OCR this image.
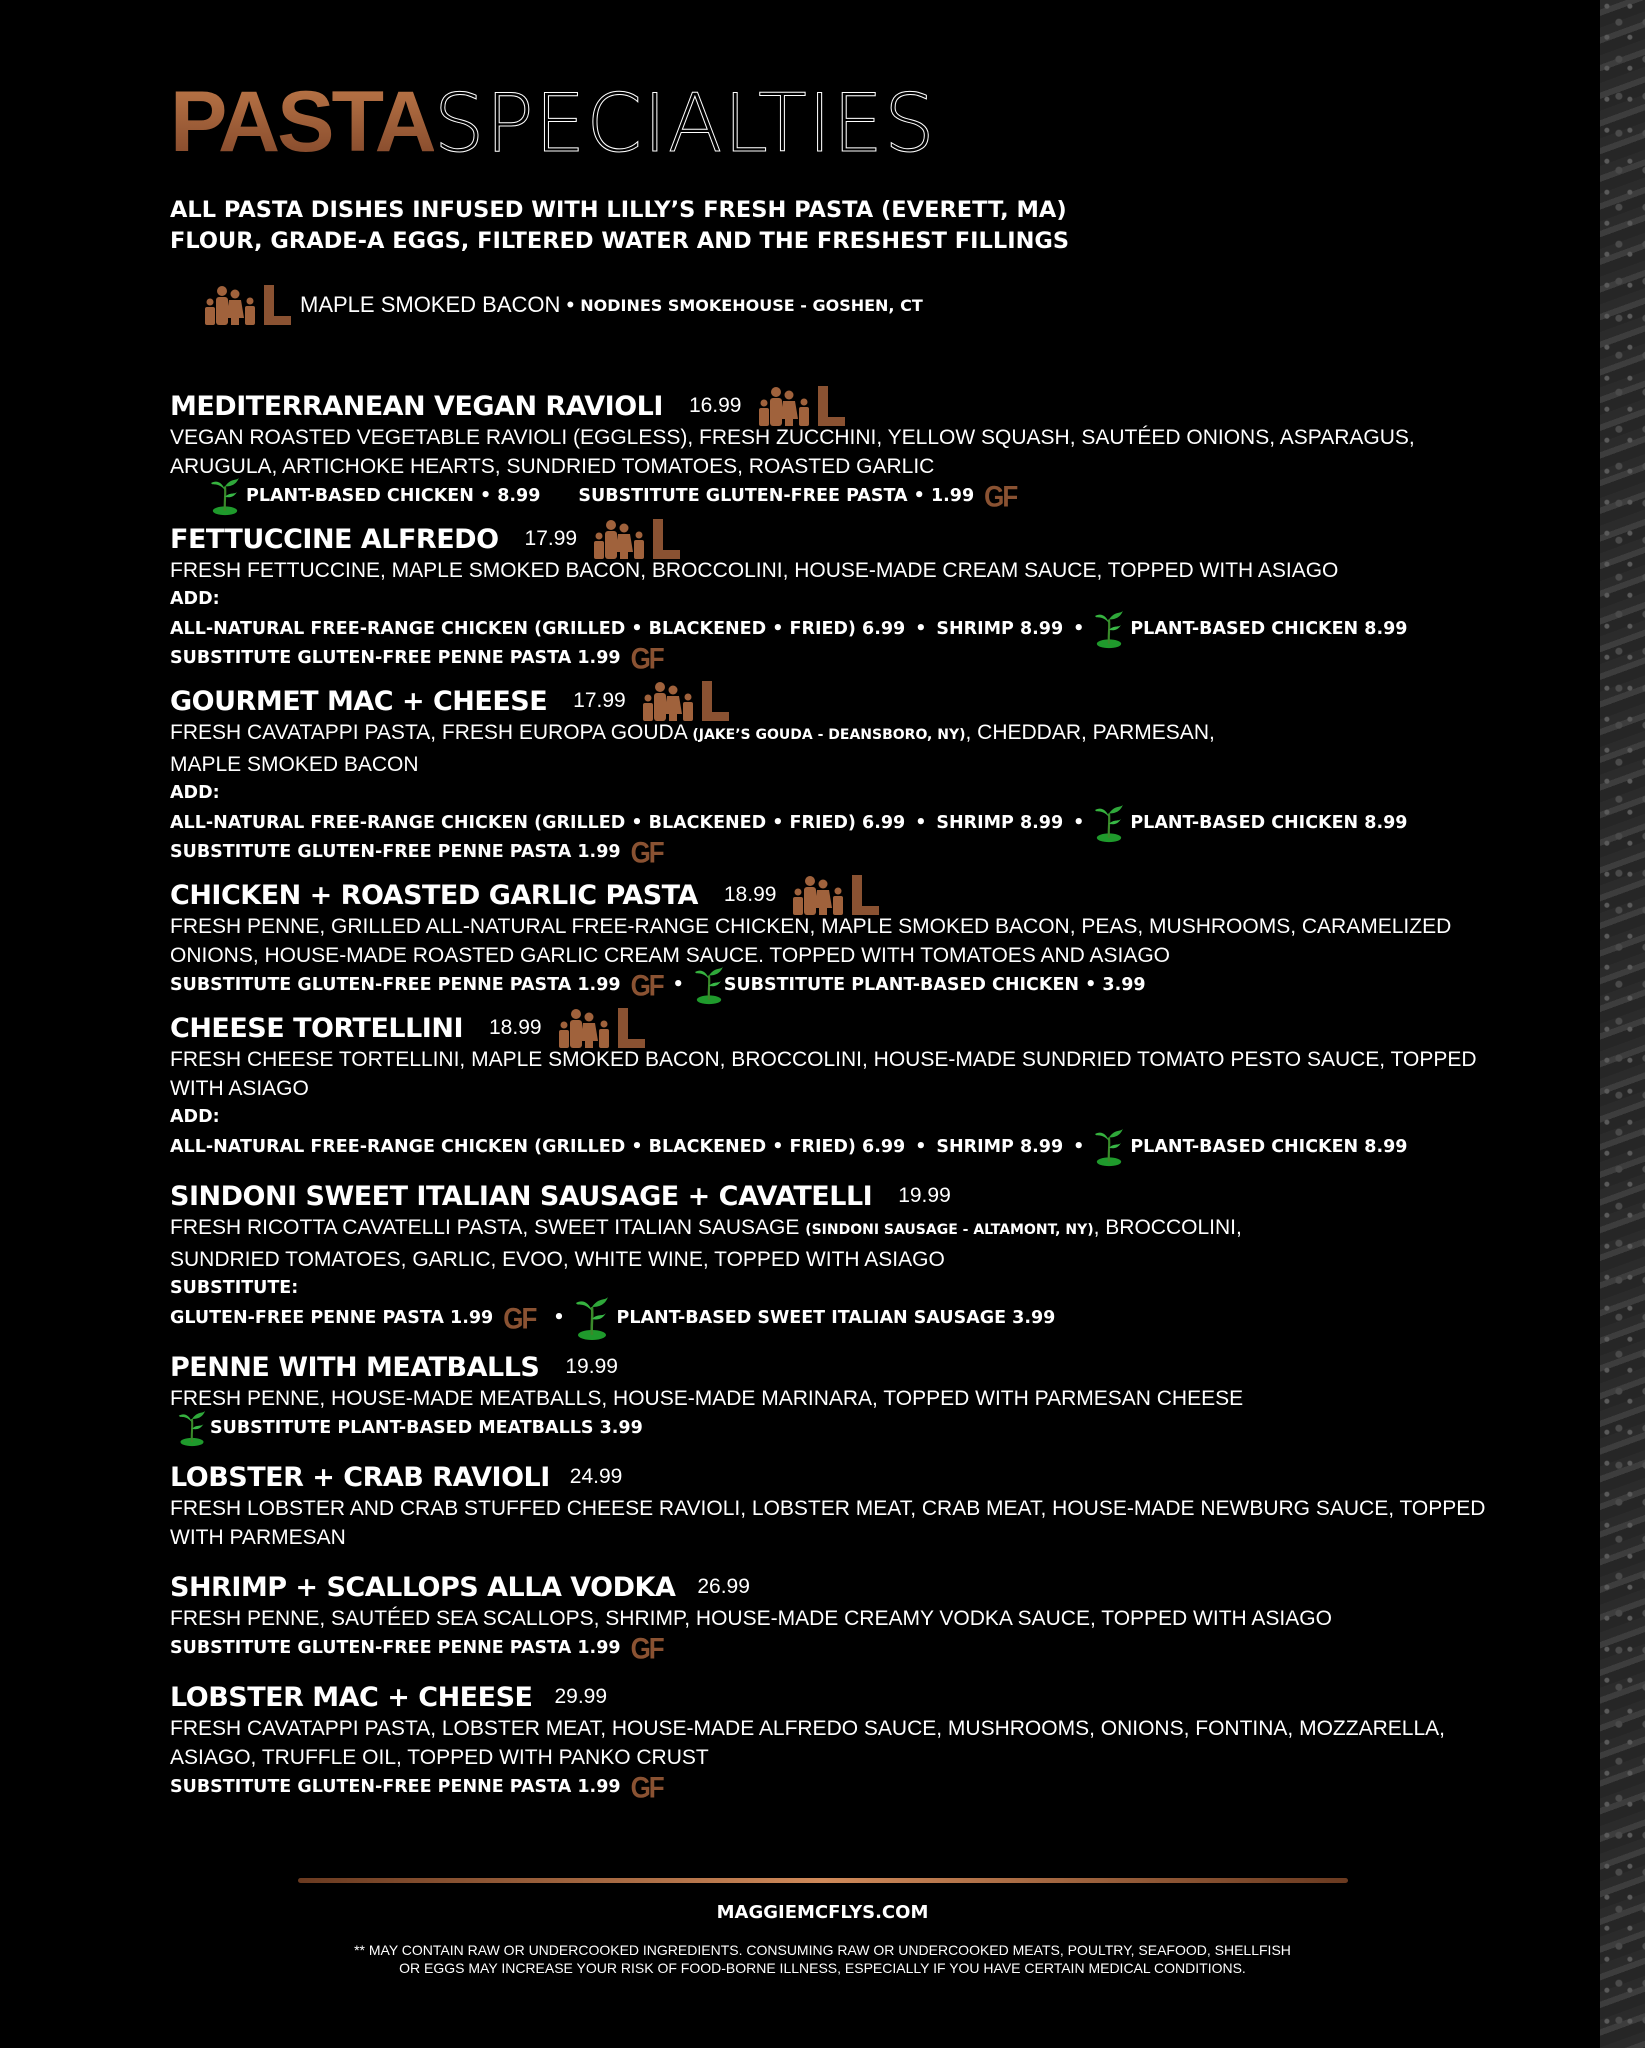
PASTASPECIALTIES
ALL PASTA DISHES INFUSED WITH LILLY’S FRESH PASTA (EVERETT, MA)
FLOUR, GRADE-A EGGS, FILTERED WATER AND THE FRESHEST FILLINGS
MAPLE SMOKED BACON • NODINES SMOKEHOUSE - GOSHEN, CT
MEDITERRANEAN VEGAN RAVIOLI 16.99
VEGAN ROASTED VEGETABLE RAVIOLI (EGGLESS), FRESH ZUCCHINI, YELLOW SQUASH, SAUTÉED ONIONS, ASPARAGUS, ARUGULA, ARTICHOKE HEARTS, SUNDRIED TOMATOES, ROASTED GARLIC
PLANT-BASED CHICKEN • 8.99 SUBSTITUTE GLUTEN-FREE PASTA • 1.99 GF
FETTUCCINE ALFREDO 17.99
FRESH FETTUCCINE, MAPLE SMOKED BACON, BROCCOLINI, HOUSE-MADE CREAM SAUCE, TOPPED WITH ASIAGO
ADD:
ALL-NATURAL FREE-RANGE CHICKEN (GRILLED • BLACKENED • FRIED) 6.99 • SHRIMP 8.99 •	PLANT-BASED CHICKEN 8.99
SUBSTITUTE GLUTEN-FREE PENNE PASTA 1.99 GF
GOURMET MAC + CHEESE 17.99
FRESH CAVATAPPI PASTA, FRESH EUROPA GOUDA (JAKE’S GOUDA - DEANSBORO, NY), CHEDDAR, PARMESAN,
MAPLE SMOKED BACON
ADD:
ALL-NATURAL FREE-RANGE CHICKEN (GRILLED • BLACKENED • FRIED) 6.99 • SHRIMP 8.99 •	PLANT-BASED CHICKEN 8.99
SUBSTITUTE GLUTEN-FREE PENNE PASTA 1.99 GF
CHICKEN + ROASTED GARLIC PASTA 18.99
FRESH PENNE, GRILLED ALL-NATURAL FREE-RANGE CHICKEN, MAPLE SMOKED BACON, PEAS, MUSHROOMS, CARAMELIZED ONIONS, HOUSE-MADE ROASTED GARLIC CREAM SAUCE. TOPPED WITH TOMATOES AND ASIAGO
SUBSTITUTE GLUTEN-FREE PENNE PASTA 1.99 GF • SUBSTITUTE PLANT-BASED CHICKEN • 3.99
CHEESE TORTELLINI 18.99
FRESH CHEESE TORTELLINI, MAPLE SMOKED BACON, BROCCOLINI, HOUSE-MADE SUNDRIED TOMATO PESTO SAUCE, TOPPED WITH ASIAGO
ADD:
ALL-NATURAL FREE-RANGE CHICKEN (GRILLED • BLACKENED • FRIED) 6.99 • SHRIMP 8.99 •	PLANT-BASED CHICKEN 8.99
SINDONI SWEET ITALIAN SAUSAGE + CAVATELLI 19.99
FRESH RICOTTA CAVATELLI PASTA, SWEET ITALIAN SAUSAGE (SINDONI SAUSAGE - ALTAMONT, NY), BROCCOLINI,
SUNDRIED TOMATOES, GARLIC, EVOO, WHITE WINE, TOPPED WITH ASIAGO
SUBSTITUTE:
GLUTEN-FREE PENNE PASTA 1.99 GF •	PLANT-BASED SWEET ITALIAN SAUSAGE 3.99
PENNE WITH MEATBALLS 19.99
FRESH PENNE, HOUSE-MADE MEATBALLS, HOUSE-MADE MARINARA, TOPPED WITH PARMESAN CHEESE
SUBSTITUTE PLANT-BASED MEATBALLS 3.99
LOBSTER + CRAB RAVIOLI 24.99
FRESH LOBSTER AND CRAB STUFFED CHEESE RAVIOLI, LOBSTER MEAT, CRAB MEAT, HOUSE-MADE NEWBURG SAUCE, TOPPED WITH PARMESAN
SHRIMP + SCALLOPS ALLA VODKA 26.99
FRESH PENNE, SAUTÉED SEA SCALLOPS, SHRIMP, HOUSE-MADE CREAMY VODKA SAUCE, TOPPED WITH ASIAGO
SUBSTITUTE GLUTEN-FREE PENNE PASTA 1.99 GF
LOBSTER MAC + CHEESE 29.99
FRESH CAVATAPPI PASTA, LOBSTER MEAT, HOUSE-MADE ALFREDO SAUCE, MUSHROOMS, ONIONS, FONTINA, MOZZARELLA, ASIAGO, TRUFFLE OIL, TOPPED WITH PANKO CRUST
SUBSTITUTE GLUTEN-FREE PENNE PASTA 1.99 GF
MAGGIEMCFLYS.COM
** MAY CONTAIN RAW OR UNDERCOOKED INGREDIENTS. CONSUMING RAW OR UNDERCOOKED MEATS, POULTRY, SEAFOOD, SHELLFISH
OR EGGS MAY INCREASE YOUR RISK OF FOOD-BORNE ILLNESS, ESPECIALLY IF YOU HAVE CERTAIN MEDICAL CONDITIONS.
